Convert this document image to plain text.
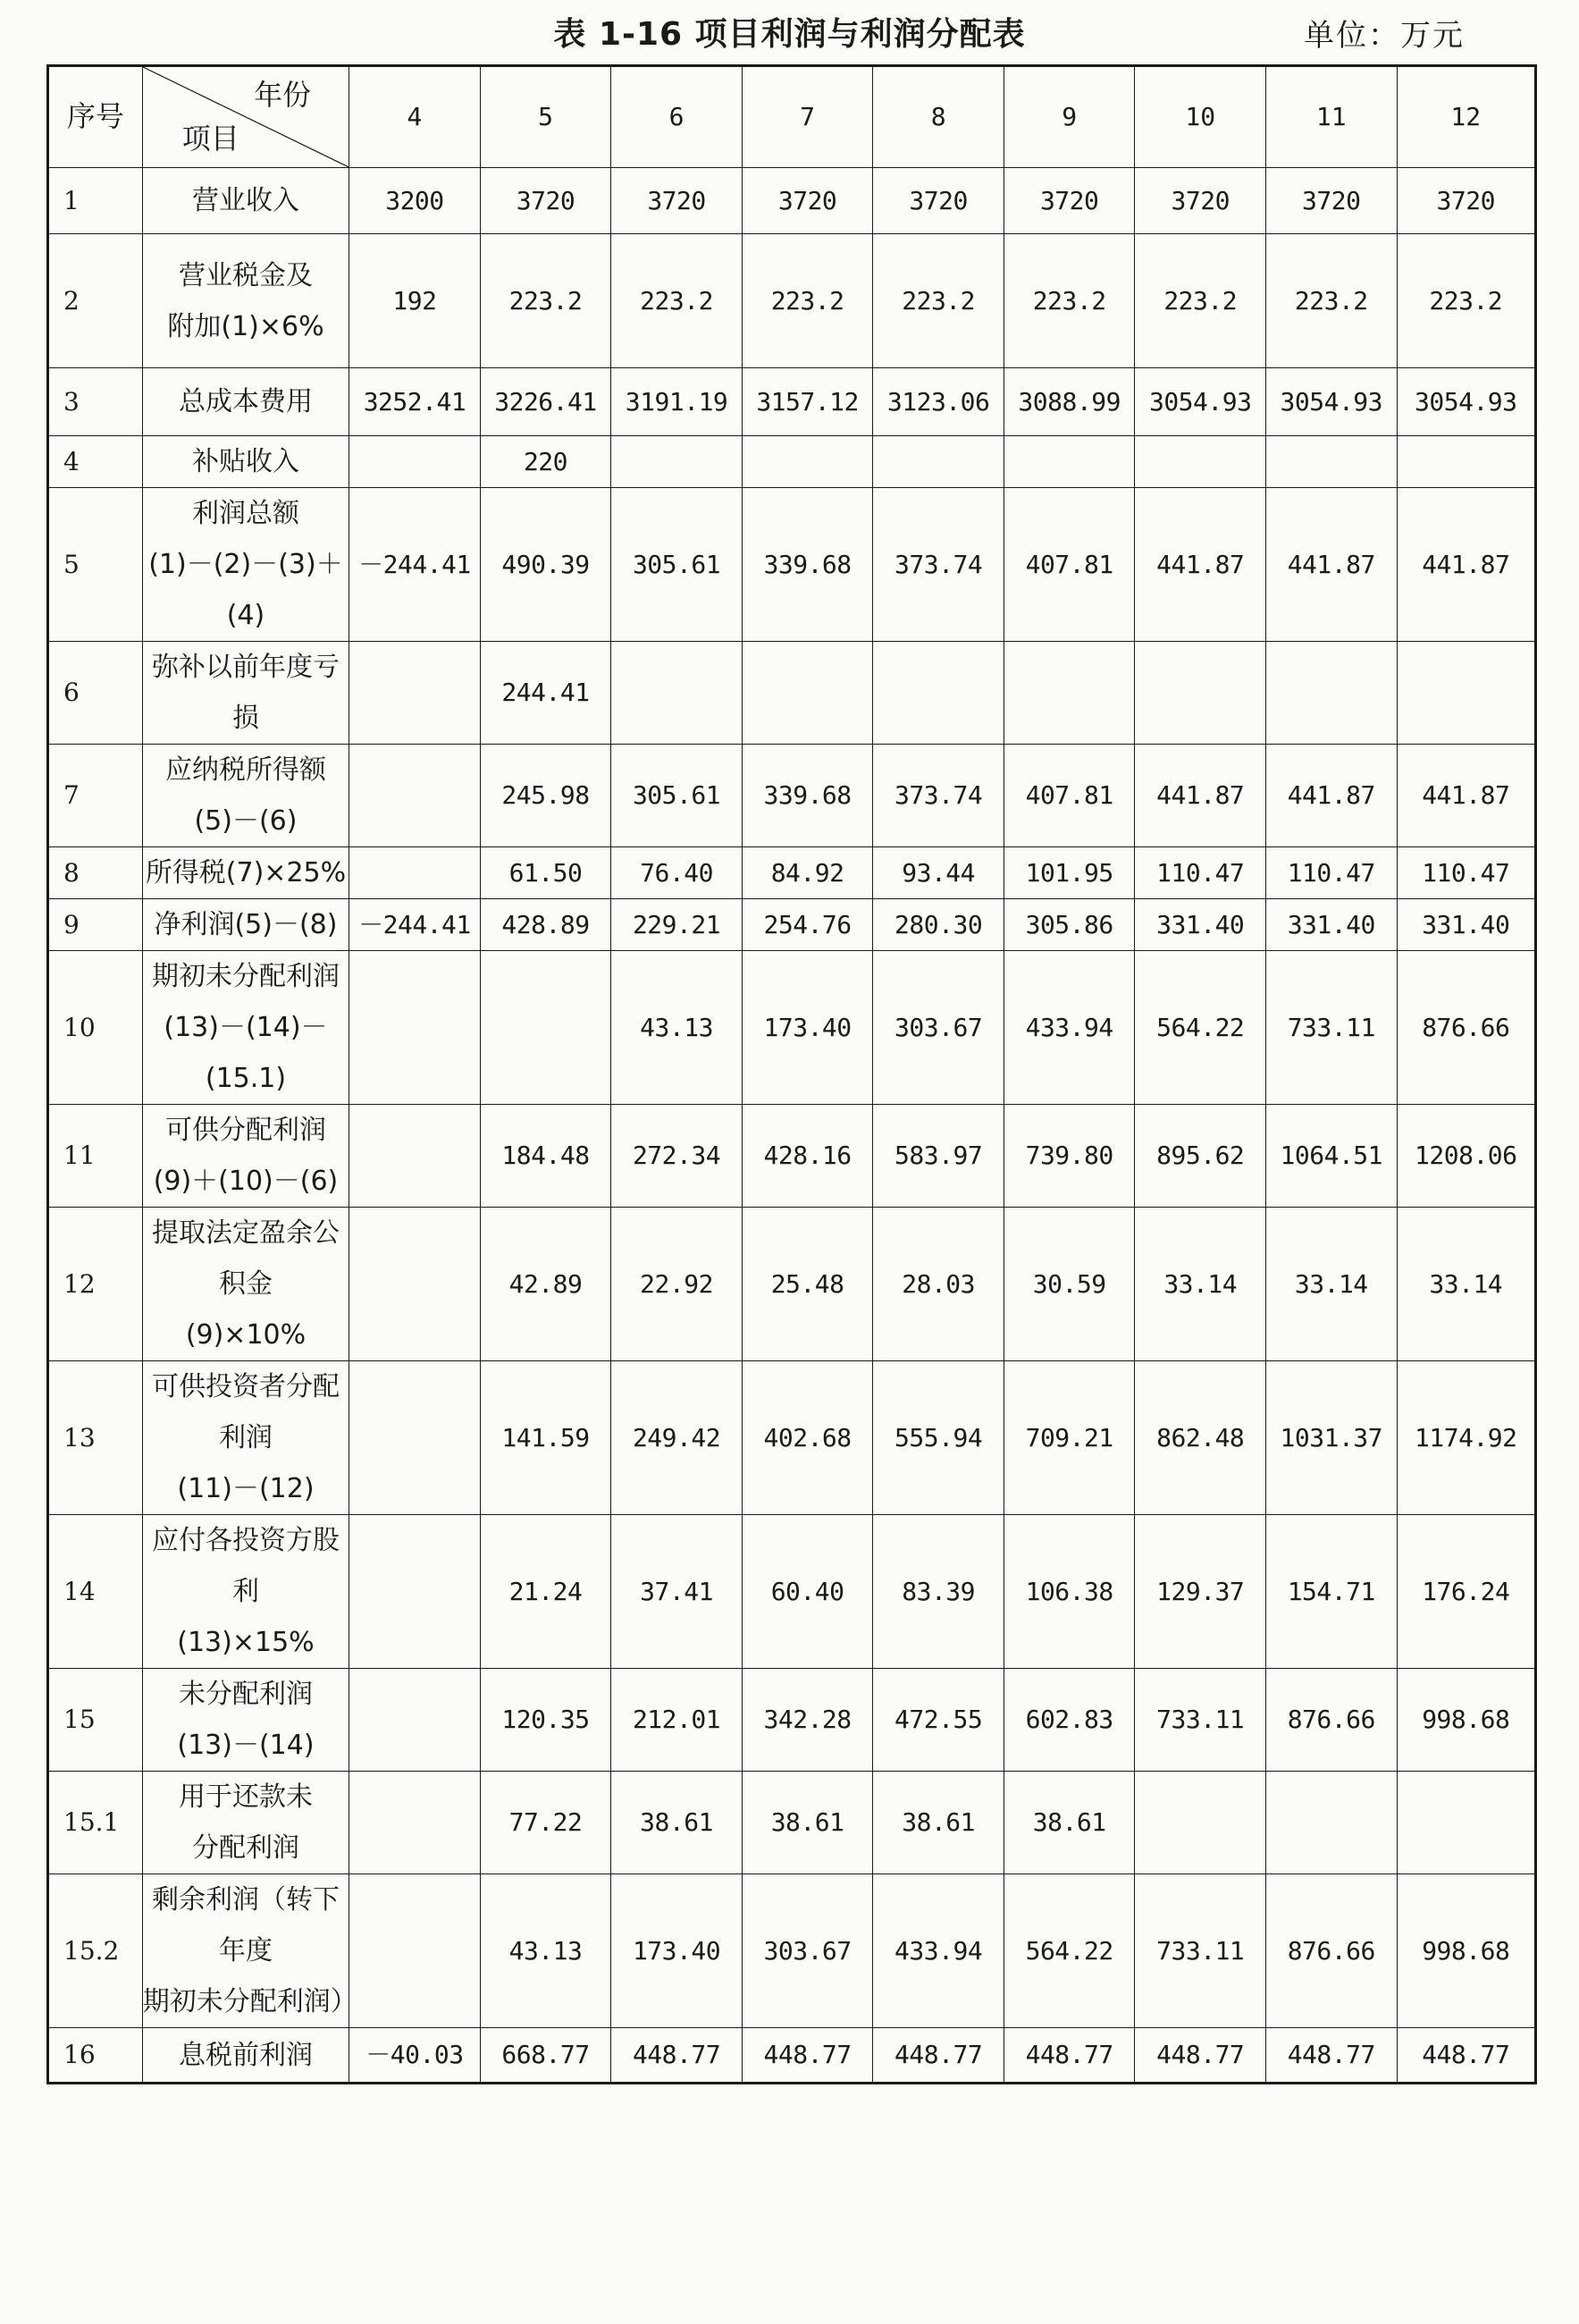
表 1-16 项目利润与利润分配表	单位：万元
序号	年份
项目	4	5	6	7	8	9	10	11	12
1	营业收入	3200	3720	3720	3720	3720	3720	3720	3720	3720
2	营业税金及
附加(1)×6%	192	223.2	223.2	223.2	223.2	223.2	223.2	223.2	223.2
3	总成本费用	3252.41	3226.41	3191.19	3157.12	3123.06	3088.99	3054.93	3054.93	3054.93
4	补贴收入		220							
5	利润总额
(1)－(2)－(3)＋(4)	－244.41	490.39	305.61	339.68	373.74	407.81	441.87	441.87	441.87
6	弥补以前年度亏损		244.41							
7	应纳税所得额
(5)－(6)		245.98	305.61	339.68	373.74	407.81	441.87	441.87	441.87
8	所得税(7)×25%		61.50	76.40	84.92	93.44	101.95	110.47	110.47	110.47
9	净利润(5)－(8)	－244.41	428.89	229.21	254.76	280.30	305.86	331.40	331.40	331.40
10	期初未分配利润
(13)－(14)－(15.1)			43.13	173.40	303.67	433.94	564.22	733.11	876.66
11	可供分配利润
(9)＋(10)－(6)		184.48	272.34	428.16	583.97	739.80	895.62	1064.51	1208.06
12	提取法定盈余公积金
(9)×10%		42.89	22.92	25.48	28.03	30.59	33.14	33.14	33.14
13	可供投资者分配利润
(11)－(12)		141.59	249.42	402.68	555.94	709.21	862.48	1031.37	1174.92
14	应付各投资方股利
(13)×15%		21.24	37.41	60.40	83.39	106.38	129.37	154.71	176.24
15	未分配利润
(13)－(14)		120.35	212.01	342.28	472.55	602.83	733.11	876.66	998.68
15.1	用于还款未
分配利润		77.22	38.61	38.61	38.61	38.61			
15.2	剩余利润（转下年度
期初未分配利润）		43.13	173.40	303.67	433.94	564.22	733.11	876.66	998.68
16	息税前利润	－40.03	668.77	448.77	448.77	448.77	448.77	448.77	448.77	448.77
